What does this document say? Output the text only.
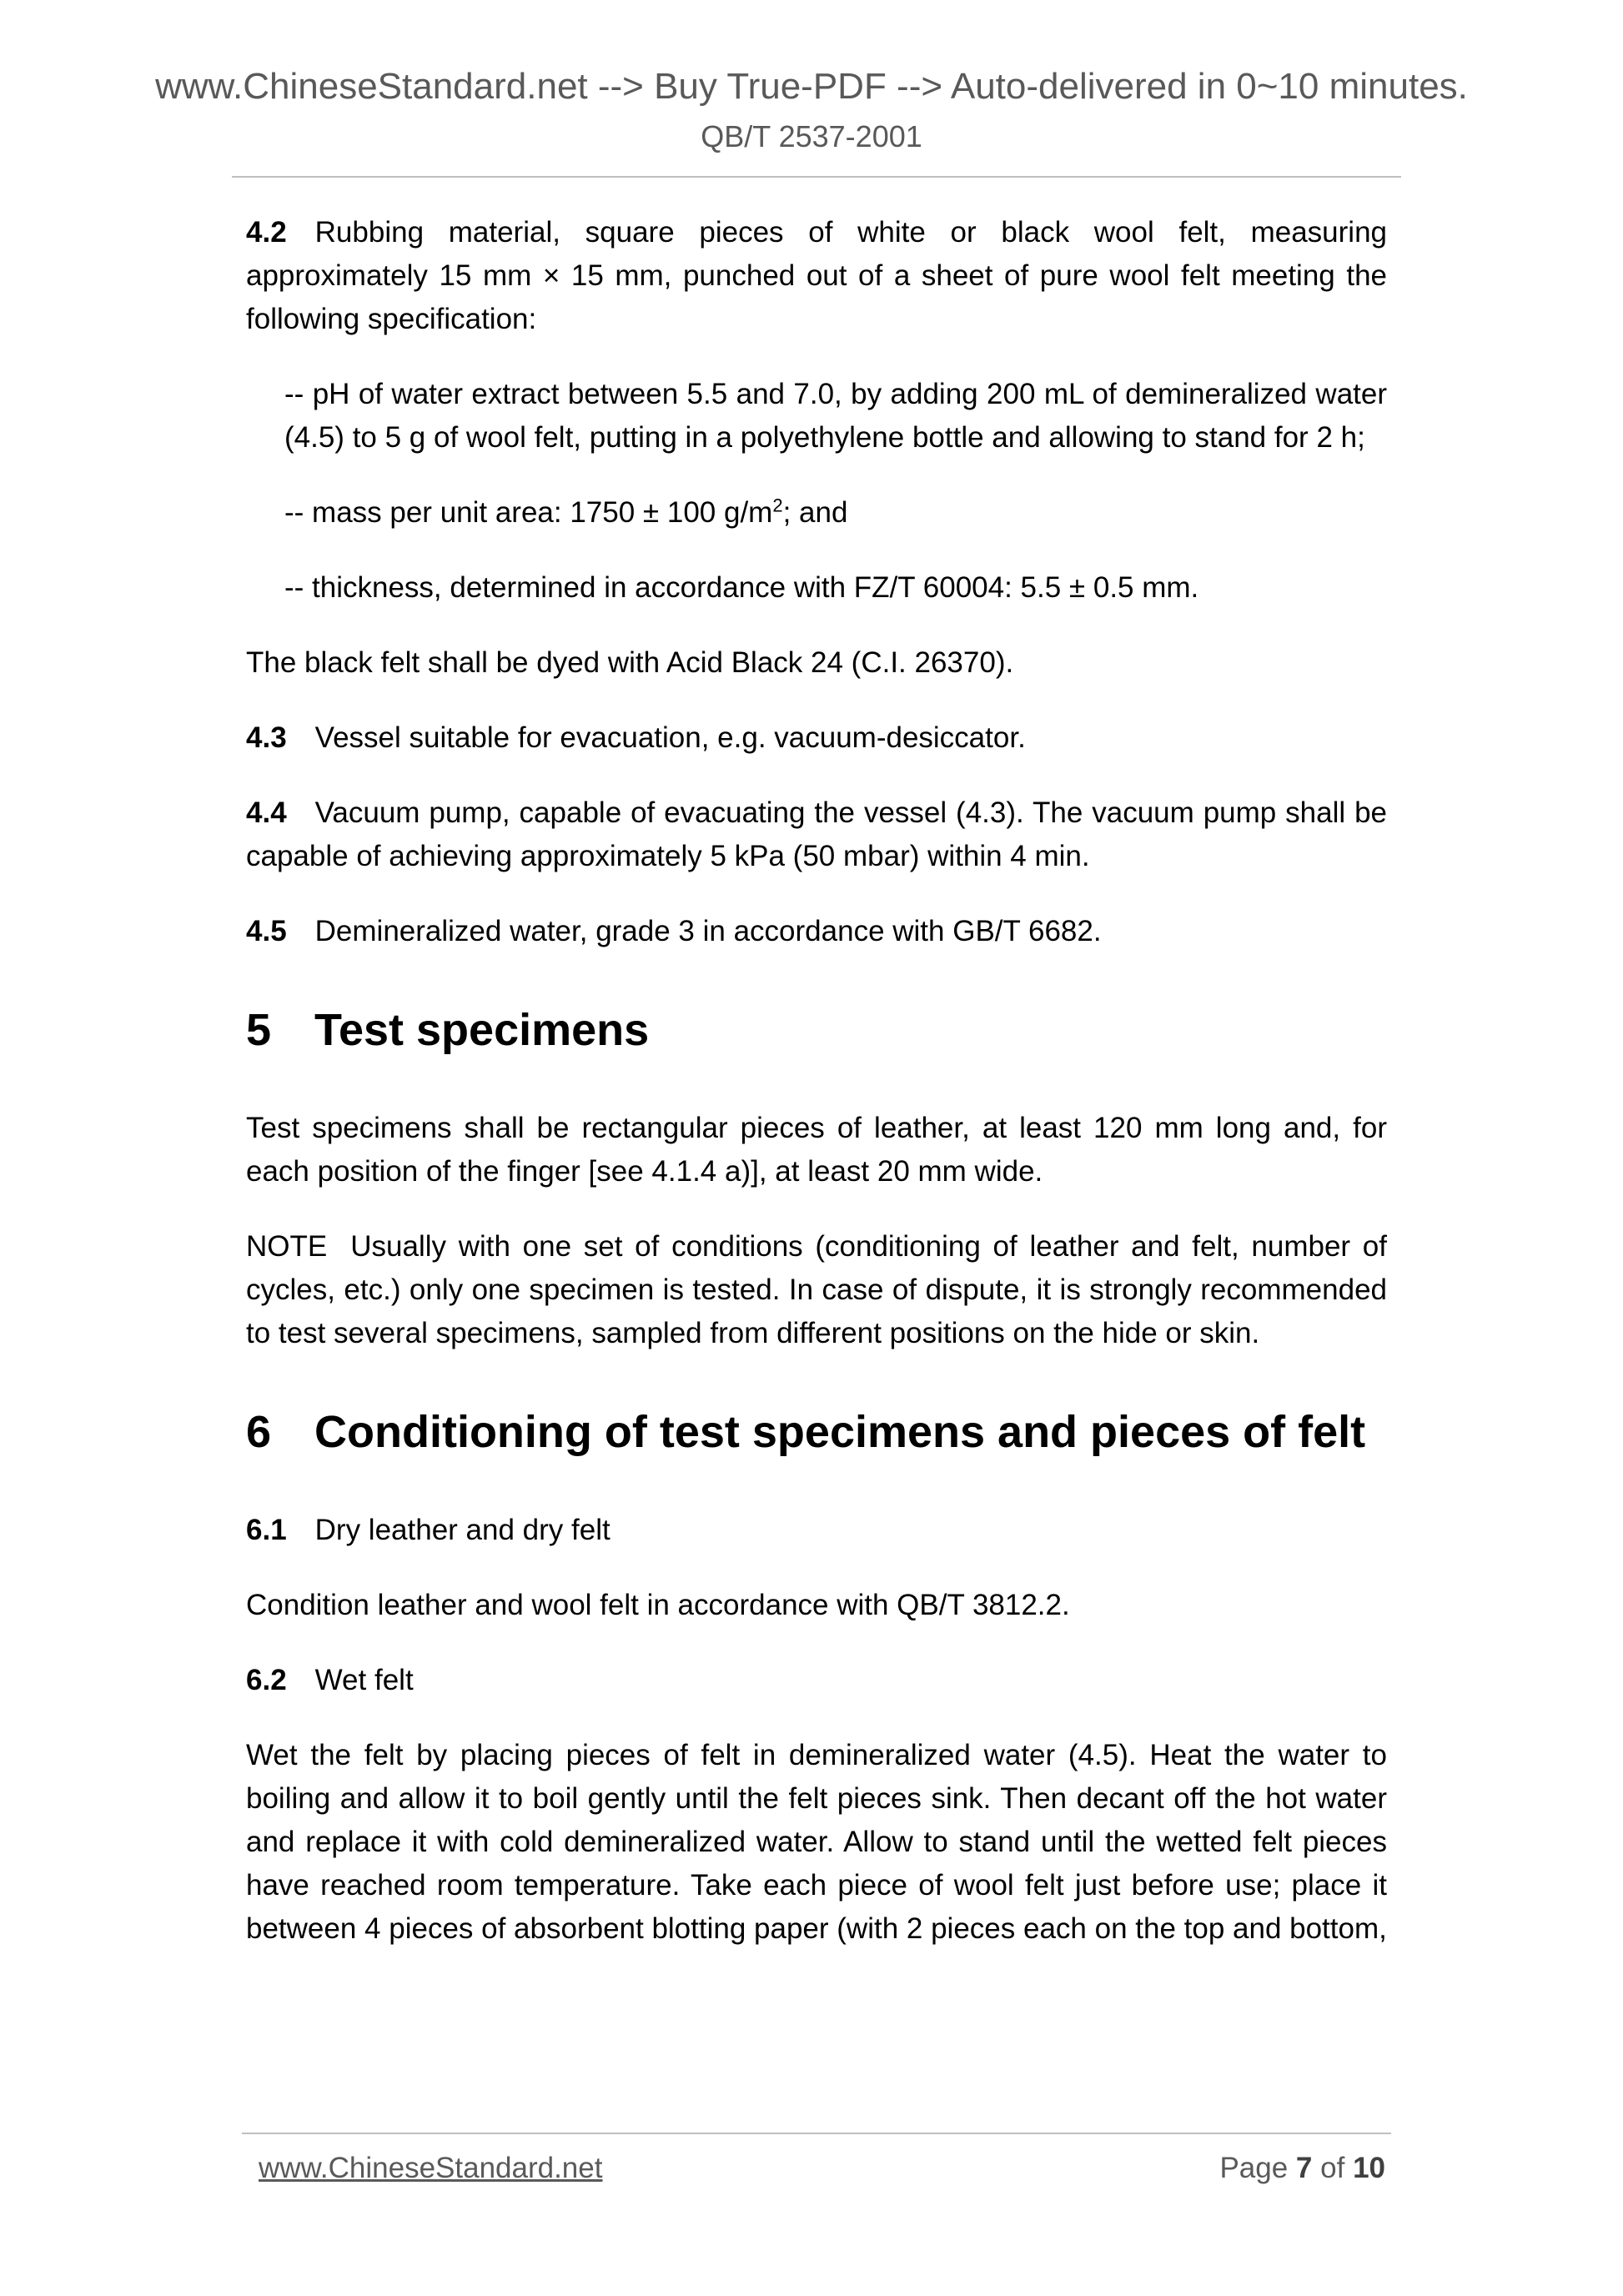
www.ChineseStandard.net --> Buy True-PDF --> Auto-delivered in 0~10 minutes.
QB/T 2537-2001

4.2 Rubbing material, square pieces of white or black wool felt, measuring approximately 15 mm × 15 mm, punched out of a sheet of pure wool felt meeting the following specification:

-- pH of water extract between 5.5 and 7.0, by adding 200 mL of demineralized water (4.5) to 5 g of wool felt, putting in a polyethylene bottle and allowing to stand for 2 h;

-- mass per unit area: 1750 ± 100 $g/m^2$; and

-- thickness, determined in accordance with FZ/T 60004: 5.5 ± 0.5 mm.

The black felt shall be dyed with Acid Black 24 (C.I. 26370).

4.3 Vessel suitable for evacuation, e.g. vacuum-desiccator.

4.4 Vacuum pump, capable of evacuating the vessel (4.3). The vacuum pump shall be capable of achieving approximately 5 kPa (50 mbar) within 4 min.

4.5 Demineralized water, grade 3 in accordance with GB/T 6682.

5 Test specimens

Test specimens shall be rectangular pieces of leather, at least 120 mm long and, for each position of the finger [see 4.1.4 a)], at least 20 mm wide.

NOTE Usually with one set of conditions (conditioning of leather and felt, number of cycles, etc.) only one specimen is tested. In case of dispute, it is strongly recommended to test several specimens, sampled from different positions on the hide or skin.

6 Conditioning of test specimens and pieces of felt

6.1 Dry leather and dry felt

Condition leather and wool felt in accordance with QB/T 3812.2.

6.2 Wet felt

Wet the felt by placing pieces of felt in demineralized water (4.5). Heat the water to boiling and allow it to boil gently until the felt pieces sink. Then decant off the hot water and replace it with cold demineralized water. Allow to stand until the wetted felt pieces have reached room temperature. Take each piece of wool felt just before use; place it between 4 pieces of absorbent blotting paper (with 2 pieces each on the top and bottom,

www.ChineseStandard.net	Page 7 of 10
